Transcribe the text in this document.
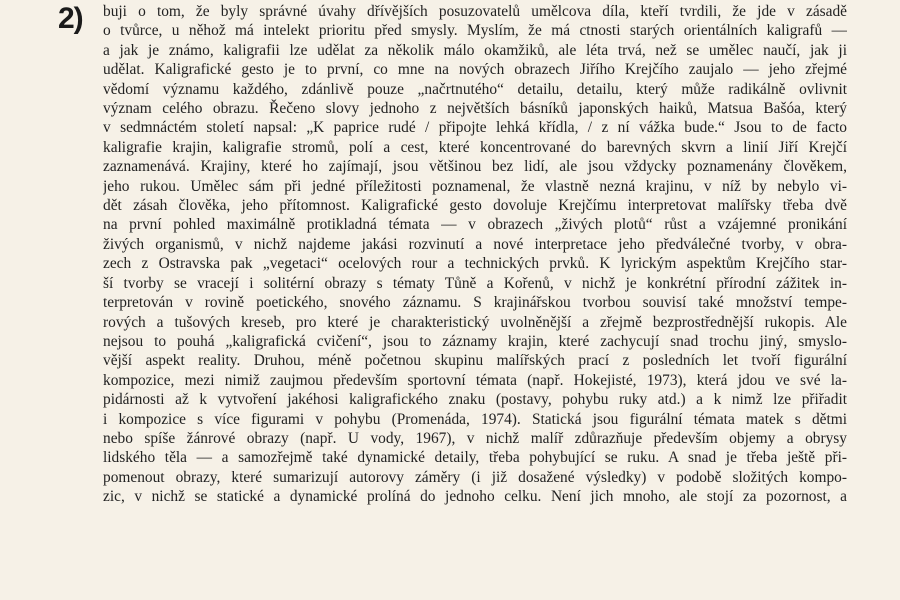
2) buji o tom, že byly správné úvahy dřívějších posuzovatelů umělcova díla, kteří tvrdili, že jde v zásadě
o tvůrce, u něhož má intelekt prioritu před smysly. Myslím, že má ctnosti starých orientálních kaligrafů —
a jak je známo, kaligrafii lze udělat za několik málo okamžiků, ale léta trvá, než se umělec naučí, jak ji
udělat. Kaligrafické gesto je to první, co mne na nových obrazech Jiřího Krejčího zaujalo — jeho zřejmé
vědomí významu každého, zdánlivě pouze „načrtnutého“ detailu, detailu, který může radikálně ovlivnit
význam celého obrazu. Řečeno slovy jednoho z největších básníků japonských haiků, Matsua Bašóa, který
v sedmnáctém století napsal: „K paprice rudé / připojte lehká křídla, / z ní vážka bude.“ Jsou to de facto
kaligrafie krajin, kaligrafie stromů, polí a cest, které koncentrované do barevných skvrn a linií Jiří Krejčí
zaznamenává. Krajiny, které ho zajímají, jsou většinou bez lidí, ale jsou vždycky poznamenány člověkem,
jeho rukou. Umělec sám při jedné příležitosti poznamenal, že vlastně nezná krajinu, v níž by nebylo vi-
dět zásah člověka, jeho přítomnost. Kaligrafické gesto dovoluje Krejčímu interpretovat malířsky třeba dvě
na první pohled maximálně protikladná témata — v obrazech „živých plotů“ růst a vzájemné pronikání
živých organismů, v nichž najdeme jakási rozvinutí a nové interpretace jeho předválečné tvorby, v obra-
zech z Ostravska pak „vegetaci“ ocelových rour a technických prvků. K lyrickým aspektům Krejčího star-
ší tvorby se vracejí i solitérní obrazy s tématy Tůně a Kořenů, v nichž je konkrétní přírodní zážitek in-
terpretován v rovině poetického, snového záznamu. S krajinářskou tvorbou souvisí také množství tempe-
rových a tušových kreseb, pro které je charakteristický uvolněnější a zřejmě bezprostřednější rukopis. Ale
nejsou to pouhá „kaligrafická cvičení“, jsou to záznamy krajin, které zachycují snad trochu jiný, smyslo-
vější aspekt reality. Druhou, méně početnou skupinu malířských prací z posledních let tvoří figurální
kompozice, mezi nimiž zaujmou především sportovní témata (např. Hokejisté, 1973), která jdou ve své la-
pidárnosti až k vytvoření jakéhosi kaligrafického znaku (postavy, pohybu ruky atd.) a k nimž lze přiřadit
i kompozice s více figurami v pohybu (Promenáda, 1974). Statická jsou figurální témata matek s dětmi
nebo spíše žánrové obrazy (např. U vody, 1967), v nichž malíř zdůrazňuje především objemy a obrysy
lidského těla — a samozřejmě také dynamické detaily, třeba pohybující se ruku. A snad je třeba ještě při-
pomenout obrazy, které sumarizují autorovy záměry (i již dosažené výsledky) v podobě složitých kompo-
zic, v nichž se statické a dynamické prolíná do jednoho celku. Není jich mnoho, ale stojí za pozornost, a
